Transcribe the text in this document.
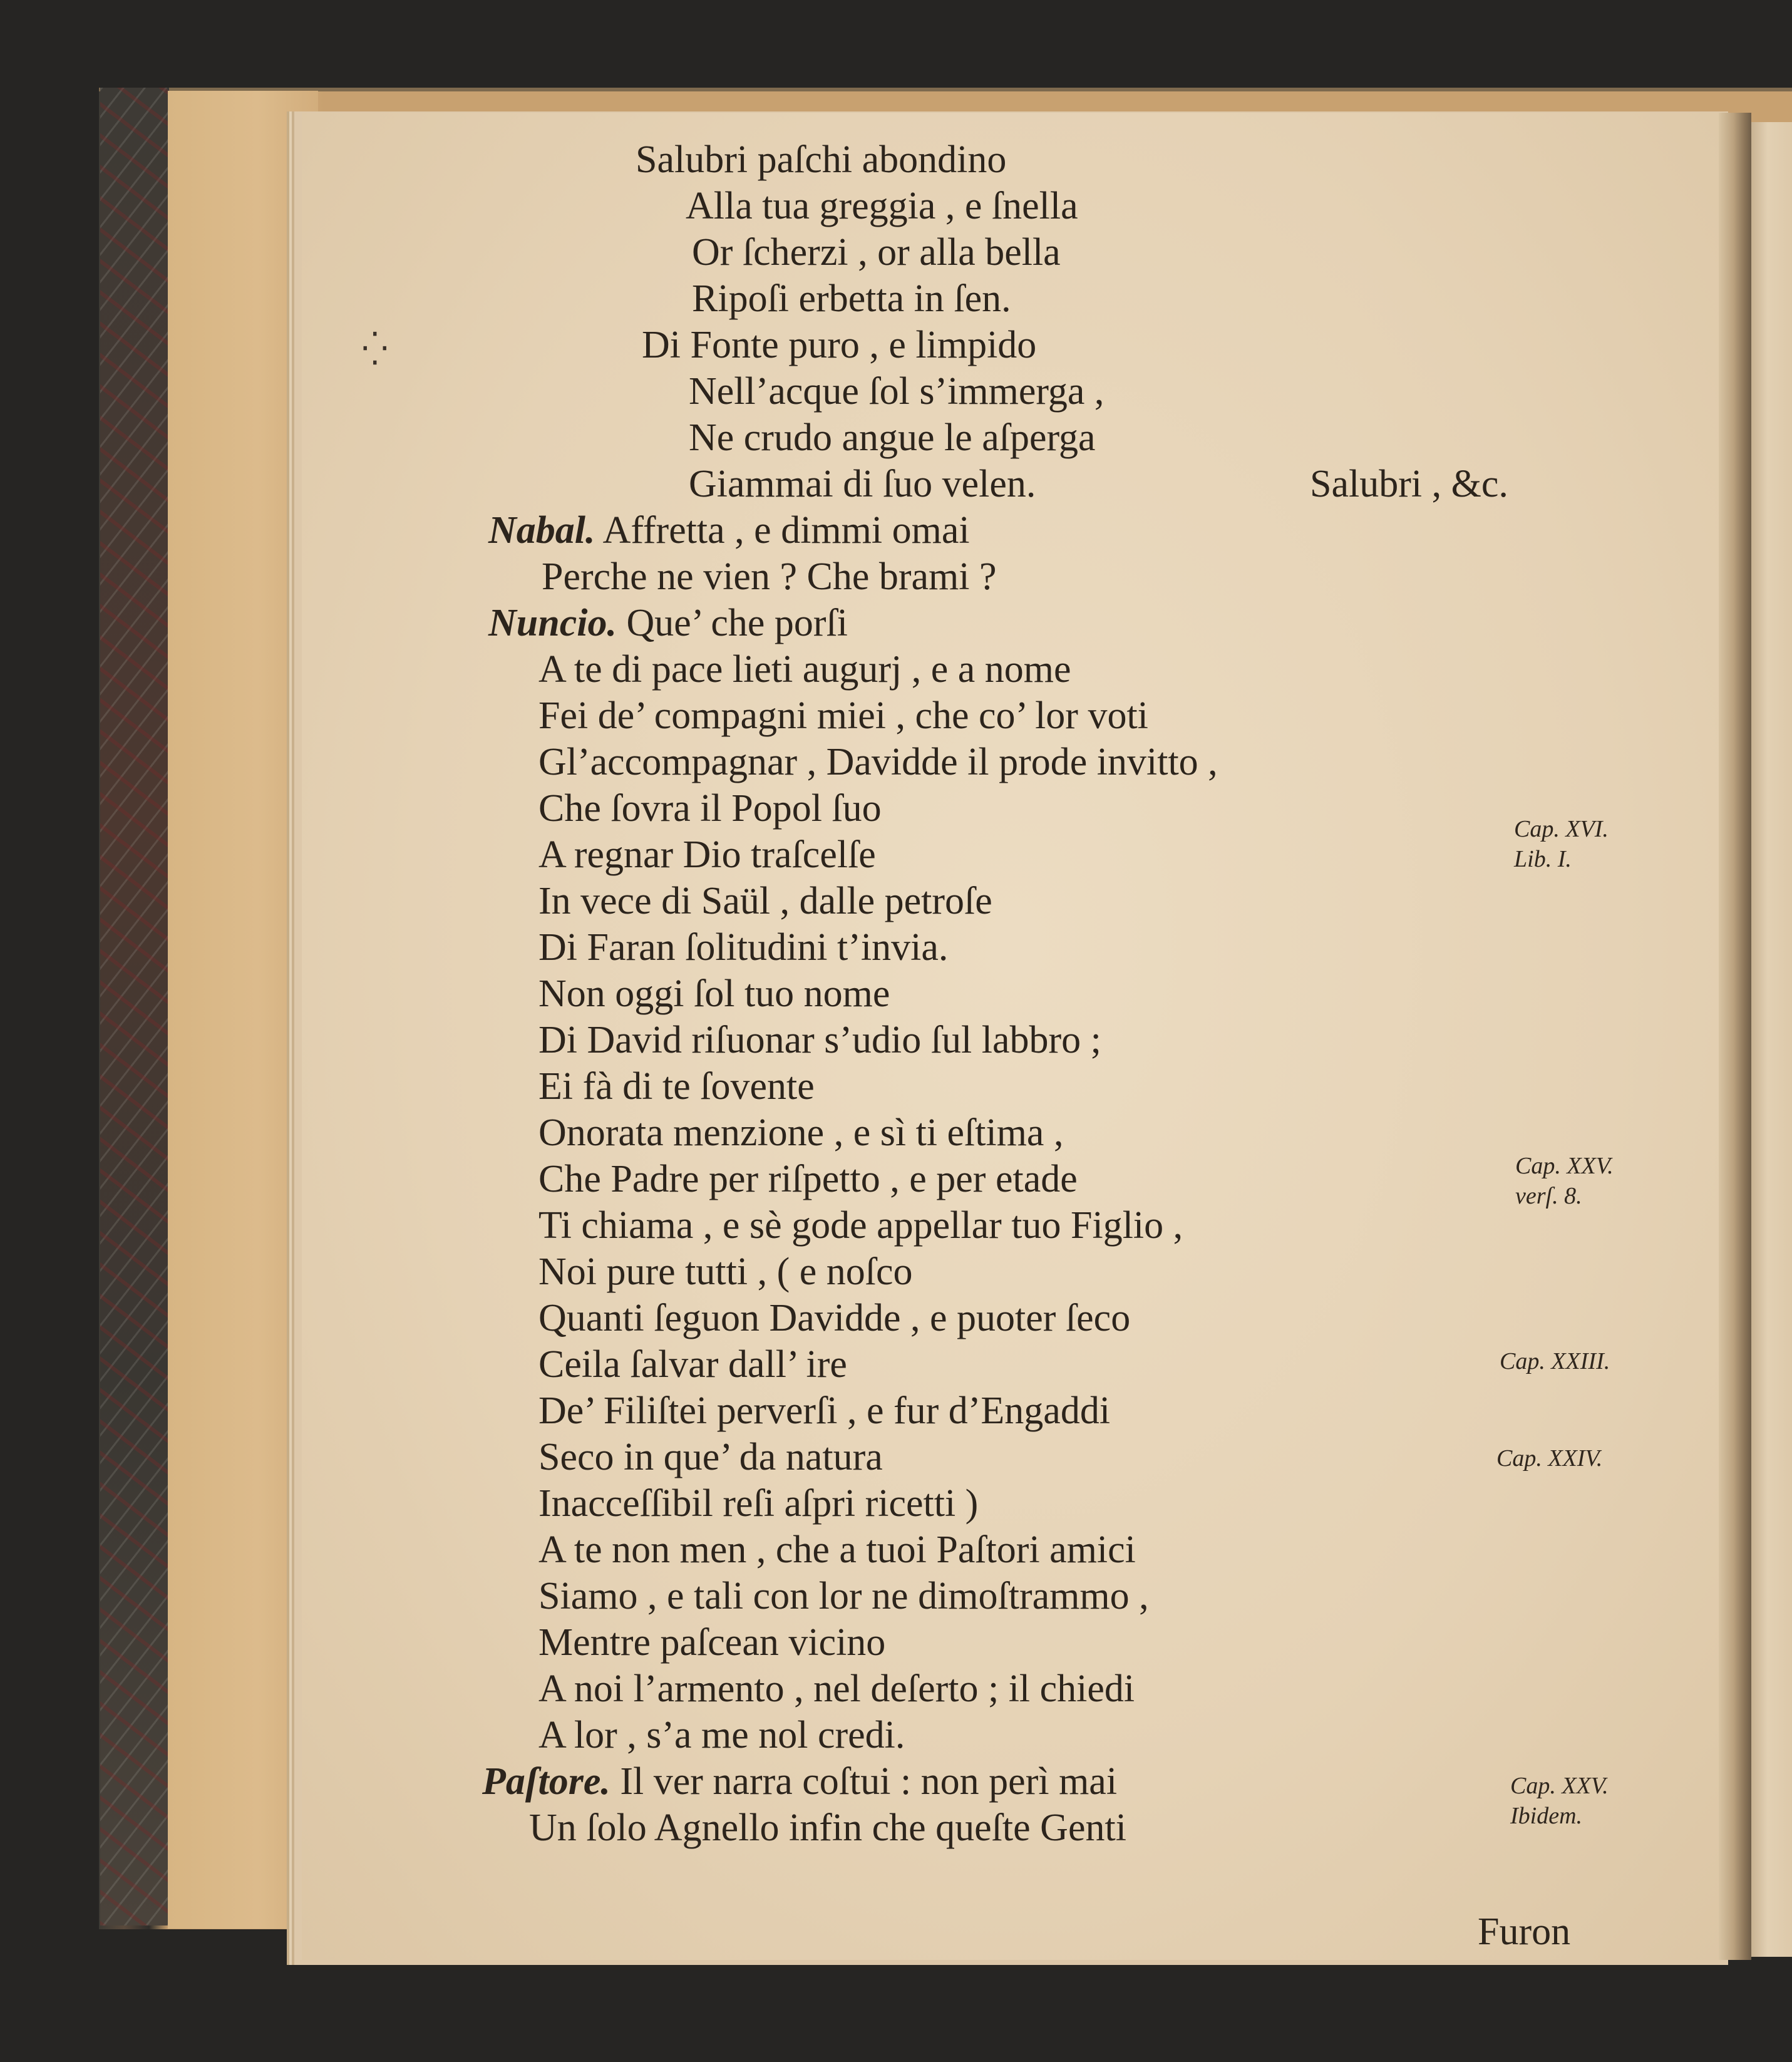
⁛
Salubri paſchi abondino
Alla tua greggia , e ſnella
Or ſcherzi , or alla bella
Ripoſi erbetta in ſen.
Di Fonte puro , e limpido
Nell’acque ſol s’immerga ,
Ne crudo angue le aſperga
Giammai di ſuo velen.	Salubri , &c.
Nabal. Affretta , e dimmi omai
Perche ne vien ? Che brami ?
Nuncio. Que’ che porſi
A te di pace lieti augurj , e a nome
Fei de’ compagni miei , che co’ lor voti
Gl’accompagnar , Davidde il prode invitto ,
Che ſovra il Popol ſuo
A regnar Dio traſcelſe
In vece di Saül , dalle petroſe
Di Faran ſolitudini t’invia.
Non oggi ſol tuo nome
Di David riſuonar s’udio ſul labbro ;
Ei fà di te ſovente
Onorata menzione , e sì ti eſtima ,
Che Padre per riſpetto , e per etade
Ti chiama , e sè gode appellar tuo Figlio ,
Noi pure tutti , ( e noſco
Quanti ſeguon Davidde , e puoter ſeco
Ceila ſalvar dall’ ire
De’ Filiſtei perverſi , e fur d’Engaddi
Seco in que’ da natura
Inacceſſibil reſi aſpri ricetti )
A te non men , che a tuoi Paſtori amici
Siamo , e tali con lor ne dimoſtrammo ,
Mentre paſcean vicino
A noi l’armento , nel deſerto ; il chiedi
A lor , s’a me nol credi.
Paſtore. Il ver narra coſtui : non perì mai
Un ſolo Agnello infin che queſte Genti
Furon
Cap. XVI.
Lib. I.
Cap. XXV.
verſ. 8.
Cap. XXIII.
Cap. XXIV.
Cap. XXV.
Ibidem.
